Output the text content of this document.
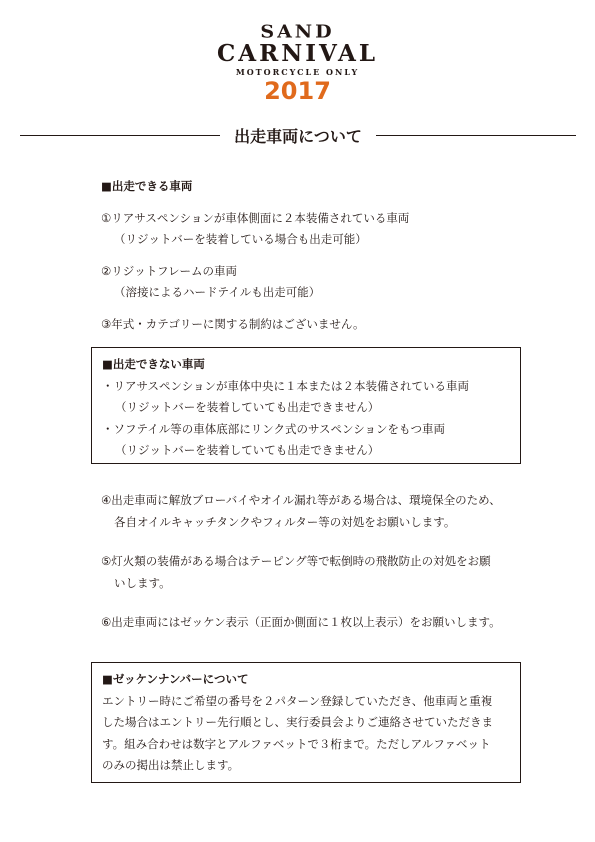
SAND
CARNIVAL
MOTORCYCLE ONLY
2017
出走車両について
■出走できる車両
①リアサスペンションが車体側面に２本装備されている車両
（リジットバーを装着している場合も出走可能）
②リジットフレームの車両
（溶接によるハードテイルも出走可能）
③年式・カテゴリーに関する制約はございません。
■出走できない車両
・リアサスペンションが車体中央に１本または２本装備されている車両
（リジットバーを装着していても出走できません）
・ソフテイル等の車体底部にリンク式のサスペンションをもつ車両
（リジットバーを装着していても出走できません）
④出走車両に解放ブローバイやオイル漏れ等がある場合は、環境保全のため、
各自オイルキャッチタンクやフィルター等の対処をお願いします。
⑤灯火類の装備がある場合はテーピング等で転倒時の飛散防止の対処をお願
いします。
⑥出走車両にはゼッケン表示（正面か側面に１枚以上表示）をお願いします。
■ゼッケンナンバーについて
エントリー時にご希望の番号を２パターン登録していただき、他車両と重複
した場合はエントリー先行順とし、実行委員会よりご連絡させていただきま
す。組み合わせは数字とアルファベットで３桁まで。ただしアルファベット
のみの掲出は禁止します。
